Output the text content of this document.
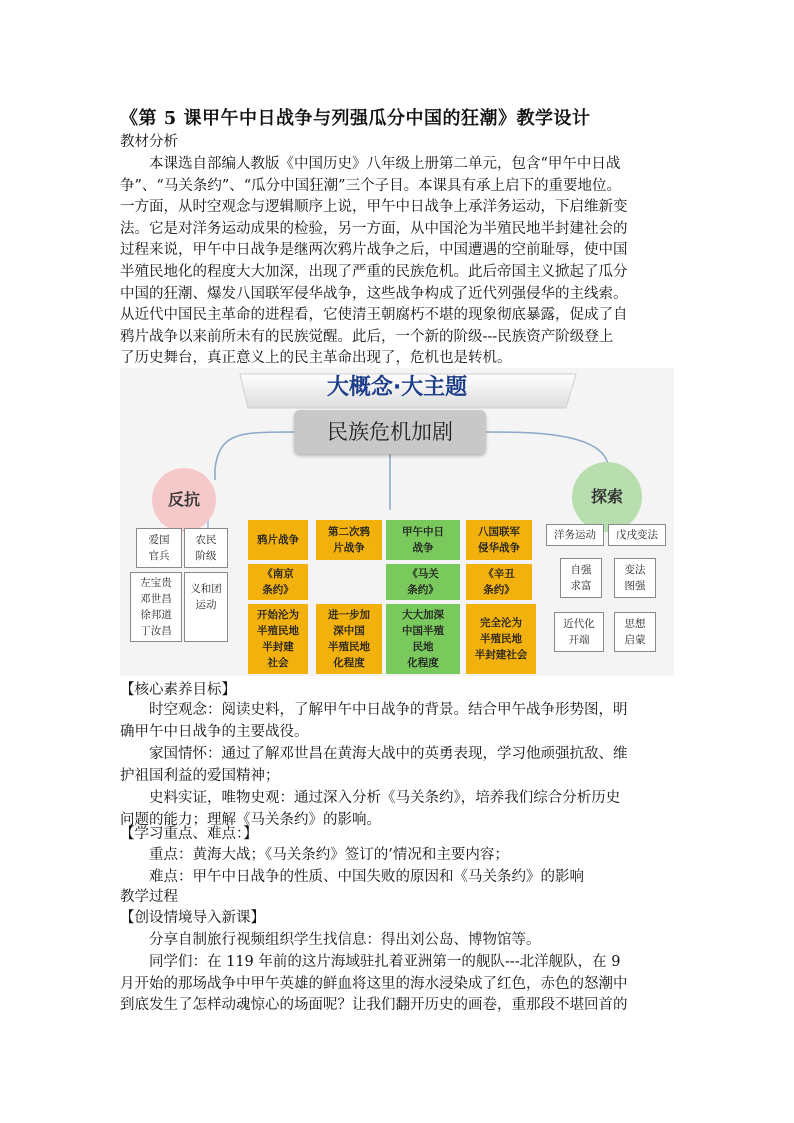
《第 5 课甲午中日战争与列强瓜分中国的狂潮》教学设计
教材分析

本课选自部编人教版《中国历史》八年级上册第二单元，包含“甲午中日战

争”、“马关条约”、“瓜分中国狂潮”三个子目。本课具有承上启下的重要地位。

一方面，从时空观念与逻辑顺序上说，甲午中日战争上承洋务运动，下启维新变

法。它是对洋务运动成果的检验，另一方面，从中国沦为半殖民地半封建社会的

过程来说，甲午中日战争是继两次鸦片战争之后，中国遭遇的空前耻辱，使中国

半殖民地化的程度大大加深，出现了严重的民族危机。此后帝国主义掀起了瓜分

中国的狂潮、爆发八国联军侵华战争，这些战争构成了近代列强侵华的主线索。

从近代中国民主革命的进程看，它使清王朝腐朽不堪的现象彻底暴露，促成了自

鸦片战争以来前所未有的民族觉醒。此后，一个新的阶级---民族资产阶级登上

了历史舞台，真正意义上的民主革命出现了，危机也是转机。

大概念·大主题
民族危机加剧
反抗	探索
爱国
官兵
农民
阶级
左宝贵
邓世昌
徐邦道
丁汝昌
义和团
运动
鸦片战争
第二次鸦
片战争
甲午中日
战争
八国联军
侵华战争
《南京
条约》
《马关
条约》
《辛丑
条约》
开始沦为
半殖民地
半封建
社会
进一步加
深中国
半殖民地
化程度
大大加深
中国半殖
民地
化程度
完全沦为
半殖民地
半封建社会
洋务运动	戊戌变法
自强
求富
变法
图强
近代化
开端
思想
启蒙
【核心素养目标】

时空观念：阅读史料，了解甲午中日战争的背景。结合甲午战争形势图，明

确甲午中日战争的主要战役。

家国情怀：通过了解邓世昌在黄海大战中的英勇表现，学习他顽强抗敌、维

护祖国利益的爱国精神；

史料实证，唯物史观：通过深入分析《马关条约》，培养我们综合分析历史

问题的能力；理解《马关条约》的影响。

【学习重点、难点：】

重点：黄海大战；《马关条约》签订的’情况和主要内容；

难点：甲午中日战争的性质、中国失败的原因和《马关条约》的影响

教学过程
【创设情境导入新课】

分享自制旅行视频组织学生找信息：得出刘公岛、博物馆等。

同学们：在 119 年前的这片海域驻扎着亚洲第一的舰队---北洋舰队，在 9

月开始的那场战争中甲午英雄的鲜血将这里的海水浸染成了红色，赤色的怒潮中

到底发生了怎样动魂惊心的场面呢？让我们翻开历史的画卷，重那段不堪回首的
